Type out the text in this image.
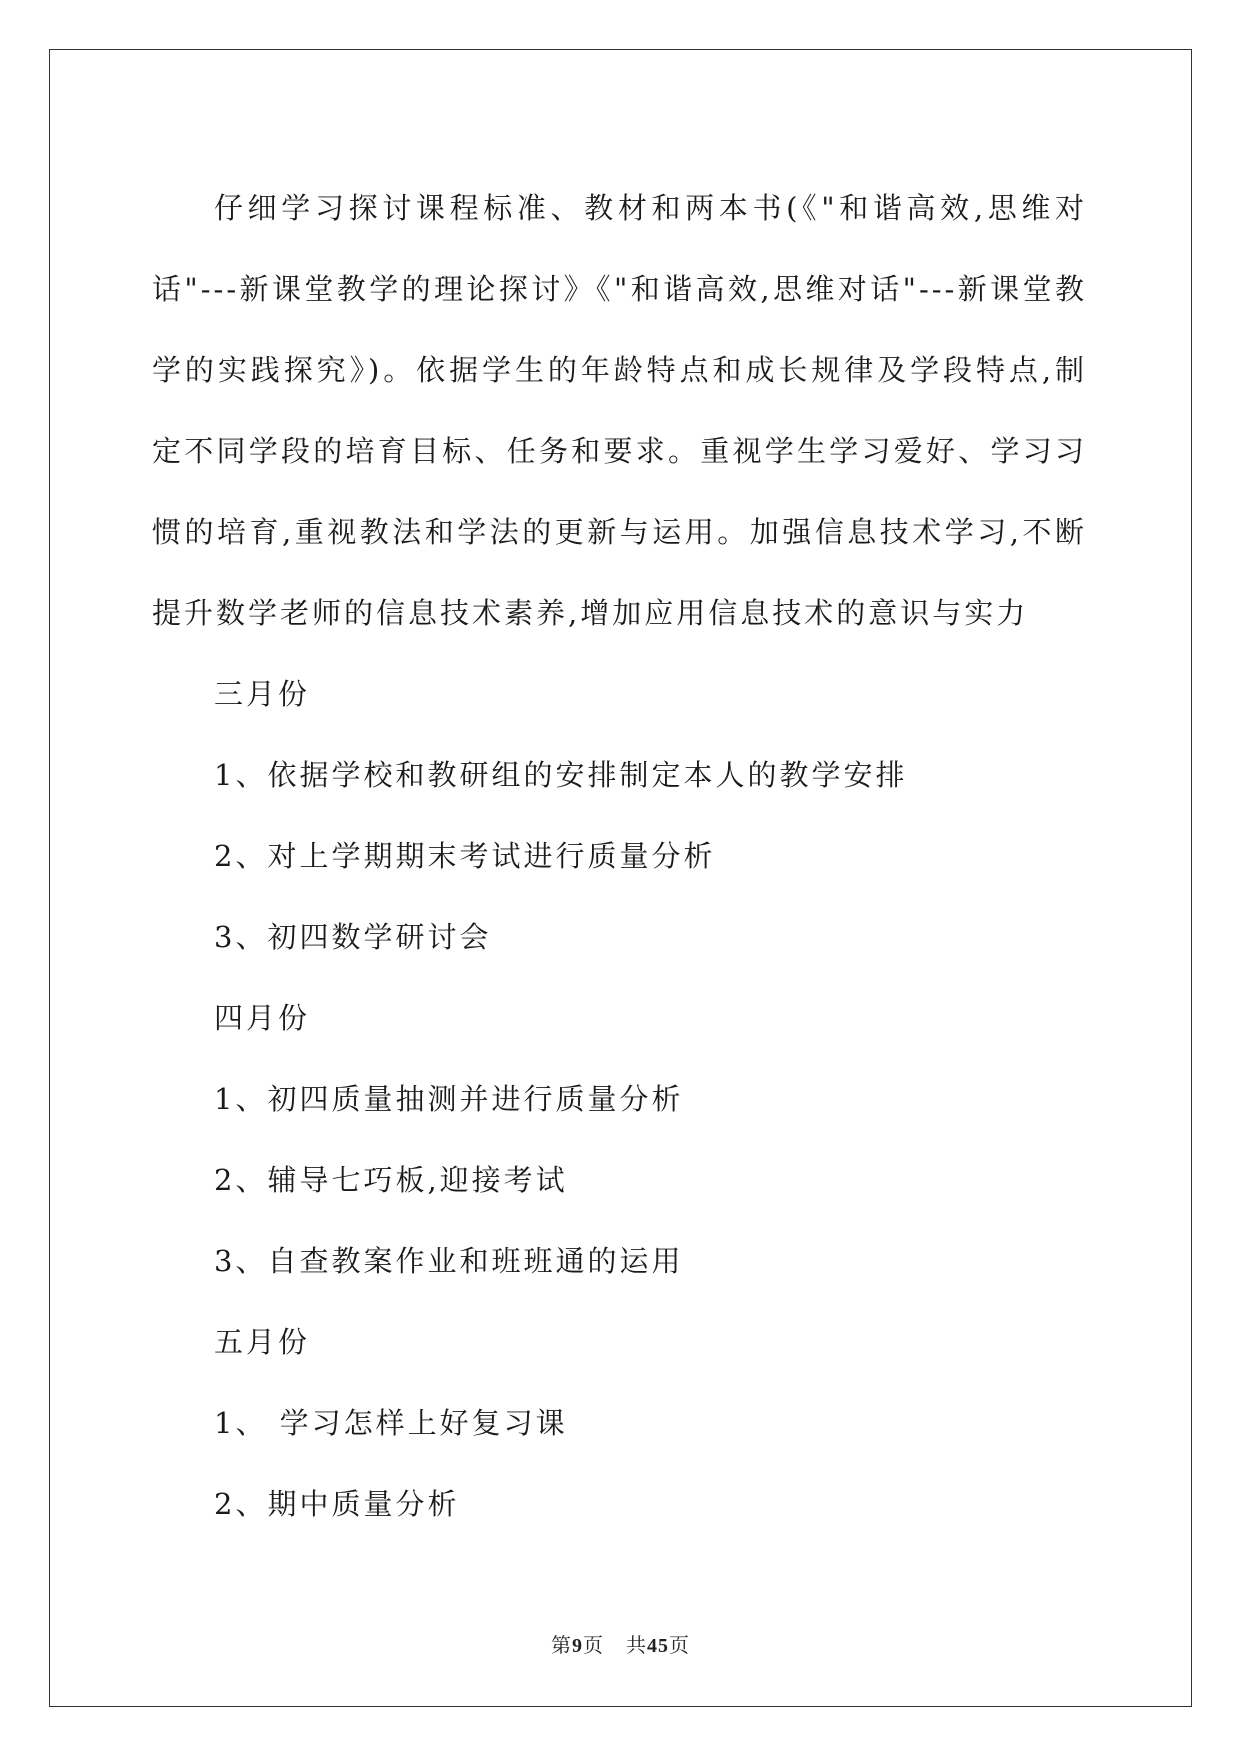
仔细学习探讨课程标准、教材和两本书(《"和谐高效,思维对话"---新课堂教学的理论探讨》《"和谐高效,思维对话"---新课堂教学的实践探究》)。依据学生的年龄特点和成长规律及学段特点,制定不同学段的培育目标、任务和要求。重视学生学习爱好、学习习惯的培育,重视教法和学法的更新与运用。加强信息技术学习,不断提升数学老师的信息技术素养,增加应用信息技术的意识与实力

三月份

1、依据学校和教研组的安排制定本人的教学安排

2、对上学期期末考试进行质量分析

3、初四数学研讨会

四月份

1、初四质量抽测并进行质量分析

2、辅导七巧板,迎接考试

3、自查教案作业和班班通的运用

五月份

1、 学习怎样上好复习课

2、期中质量分析

第9页 共45页
